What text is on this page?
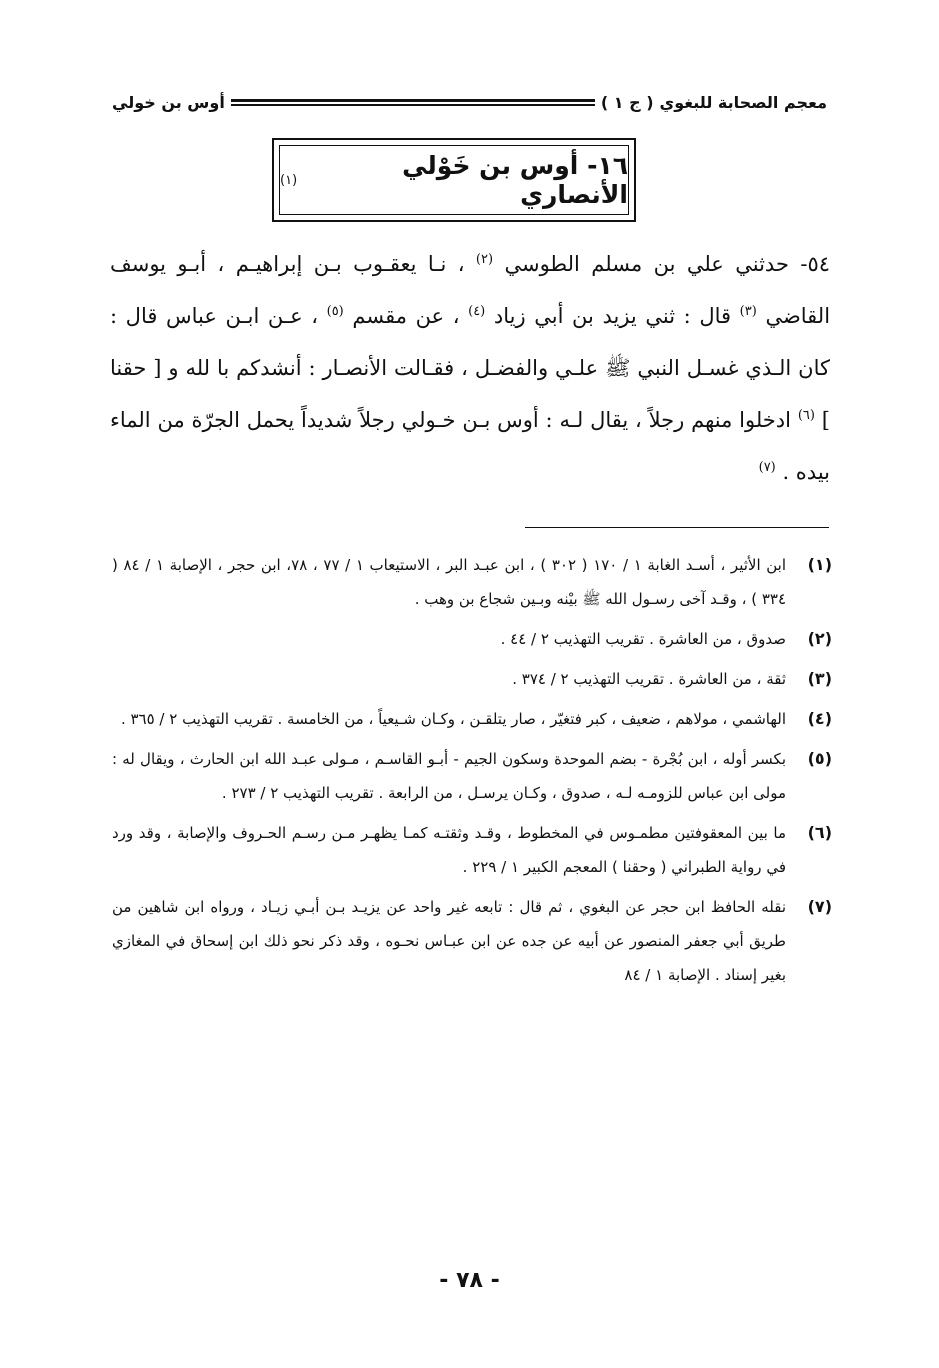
معجم الصحابة للبغوي
( ج ١ )
أوس بن خولي
١٦- أوس بن خَوْلي الأنصاري
(١)
٥٤- حدثني علي بن مسلم الطوسي $^{(٢)}$ ، نـا يعقـوب بـن إبراهيـم ، أبـو يوسف القاضي $^{(٣)}$ قال : ثني يزيد بن أبي زياد $^{(٤)}$ ، عن مقسم $^{(٥)}$ ، عـن ابـن عباس قال : كان الـذي غسـل النبي ﷺ علـي والفضـل ، فقـالت الأنصـار : أنشدكم با لله و [ حقنا ] $^{(٦)}$ ادخلوا منهم رجلاً ، يقال لـه : أوس بـن خـولي رجلاً شديداً يحمل الجرّة من الماء بيده . $^{(٧)}$
(١)
ابن الأثير ، أسـد الغابة ١ / ١٧٠ ( ٣٠٢ ) ، ابن عبـد البر ، الاستيعاب ١ / ٧٧ ، ٧٨، ابن حجر ، الإصابة ١ / ٨٤ ( ٣٣٤ ) ، وقـد آخى رسـول الله ﷺ بيْنه وبـين شجاع بن وهب .
(٢)
صدوق ، من العاشرة . تقريب التهذيب ٢ / ٤٤ .
(٣)
ثقة ، من العاشرة . تقريب التهذيب ٢ / ٣٧٤ .
(٤)
الهاشمي ، مولاهم ، ضعيف ، كبر فتغيّر ، صار يتلقـن ، وكـان شـيعياً ، من الخامسة . تقريب التهذيب ٢ / ٣٦٥ .
(٥)
بكسر أوله ، ابن بُجْرة - بضم الموحدة وسكون الجيم - أبـو القاسـم ، مـولى عبـد الله ابن الحارث ، ويقال له : مولى ابن عباس للزومـه لـه ، صدوق ، وكـان يرسـل ، من الرابعة . تقريب التهذيب ٢ / ٢٧٣ .
(٦)
ما بين المعقوفتين مطمـوس في المخطوط ، وقـد وثقتـه كمـا يظهـر مـن رسـم الحـروف والإصابة ، وقد ورد في رواية الطبراني ( وحقنا ) المعجم الكبير ١ / ٢٢٩ .
(٧)
نقله الحافظ ابن حجر عن البغوي ، ثم قال : تابعه غير واحد عن يزيـد بـن أبـي زيـاد ، ورواه ابن شاهين من طريق أبي جعفر المنصور عن أبيه عن جده عن ابن عبـاس نحـوه ، وقد ذكر نحو ذلك ابن إسحاق في المغازي بغير إسناد . الإصابة ١ / ٨٤
- ٧٨ -
